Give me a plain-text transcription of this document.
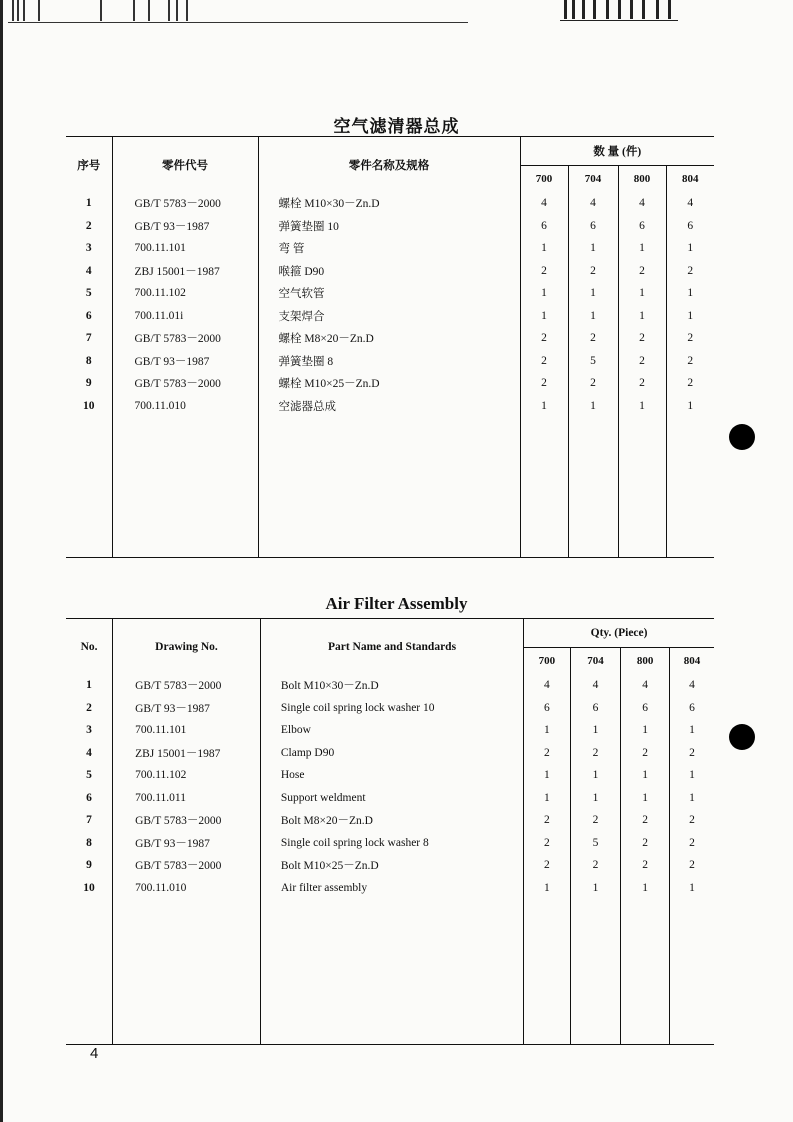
空气滤清器总成
序号	零件代号	零件名称及规格	数 量 (件)			
			700	704	800	804
1	GB/T 5783－2000	螺栓 M10×30－Zn.D	4	4	4	4
2	GB/T 93－1987	弹簧垫圈 10	6	6	6	6
3	700.11.101	弯 管	1	1	1	1
4	ZBJ 15001－1987	喉箍 D90	2	2	2	2
5	700.11.102	空气软管	1	1	1	1
6	700.11.01i	支架焊合	1	1	1	1
7	GB/T 5783－2000	螺栓 M8×20－Zn.D	2	2	2	2
8	GB/T 93－1987	弹簧垫圈 8	2	5	2	2
9	GB/T 5783－2000	螺栓 M10×25－Zn.D	2	2	2	2
10	700.11.010	空滤器总成	1	1	1	1

Air Filter Assembly
No.	Drawing No.	Part Name and Standards	Qty. (Piece)			
			700	704	800	804
1	GB/T 5783－2000	Bolt M10×30－Zn.D	4	4	4	4
2	GB/T 93－1987	Single coil spring lock washer 10	6	6	6	6
3	700.11.101	Elbow	1	1	1	1
4	ZBJ 15001－1987	Clamp D90	2	2	2	2
5	700.11.102	Hose	1	1	1	1
6	700.11.011	Support weldment	1	1	1	1
7	GB/T 5783－2000	Bolt M8×20－Zn.D	2	2	2	2
8	GB/T 93－1987	Single coil spring lock washer 8	2	5	2	2
9	GB/T 5783－2000	Bolt M10×25－Zn.D	2	2	2	2
10	700.11.010	Air filter assembly	1	1	1	1

4
